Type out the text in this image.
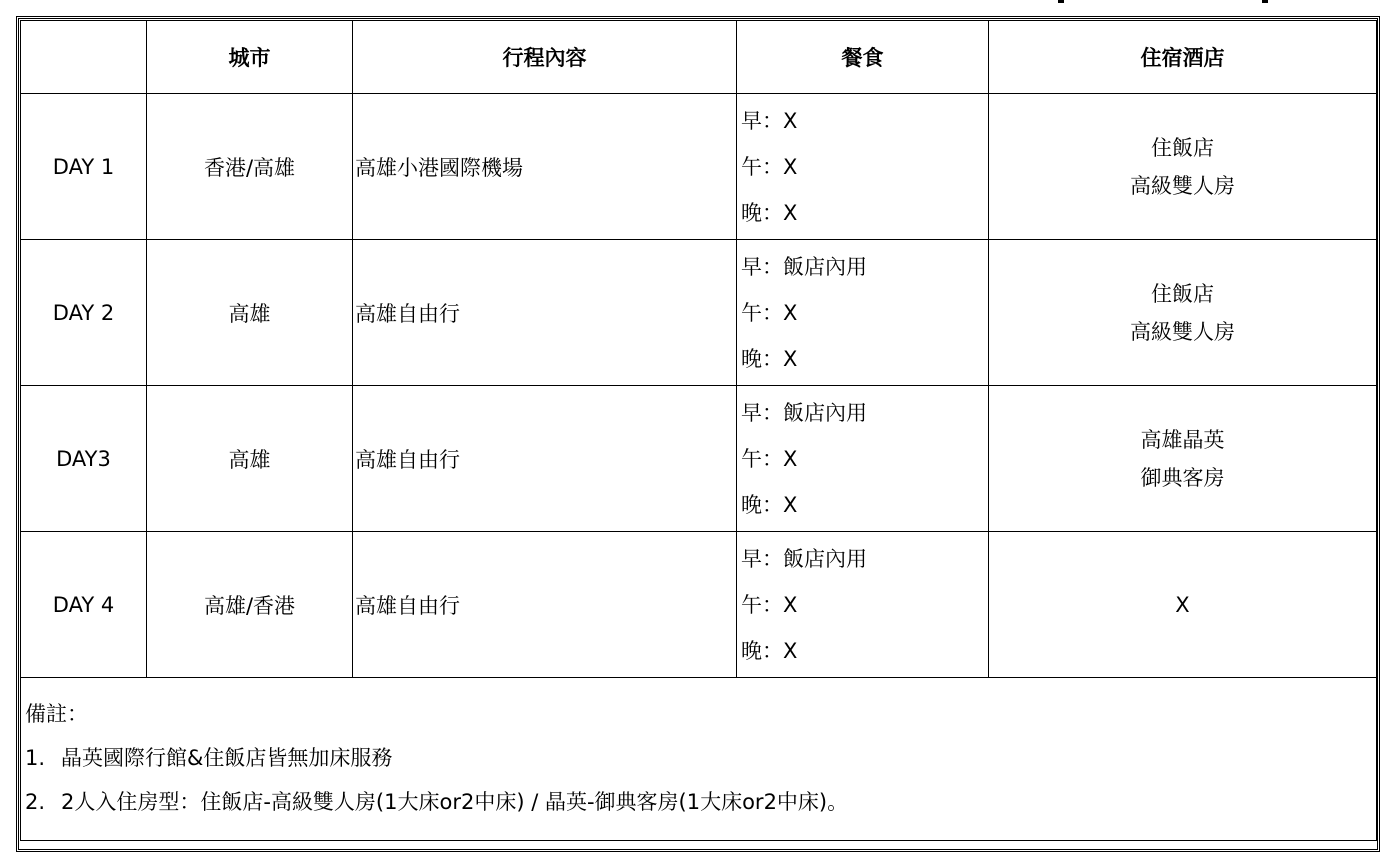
	城市	行程內容	餐食	住宿酒店
DAY 1	香港/高雄	高雄小港國際機場	早：X
午：X
晚：X	住飯店
高級雙人房

DAY 2	高雄	高雄自由行	早：飯店內用
午：X
晚：X	住飯店
高級雙人房

DAY3	高雄	高雄自由行	早：飯店內用
午：X
晚：X	高雄晶英
御典客房

DAY 4	高雄/香港	高雄自由行	早：飯店內用
午：X
晚：X	X

備註：
1. 晶英國際行館&住飯店皆無加床服務
2. 2人入住房型：住飯店-高級雙人房(1大床or2中床) / 晶英-御典客房(1大床or2中床)。				
